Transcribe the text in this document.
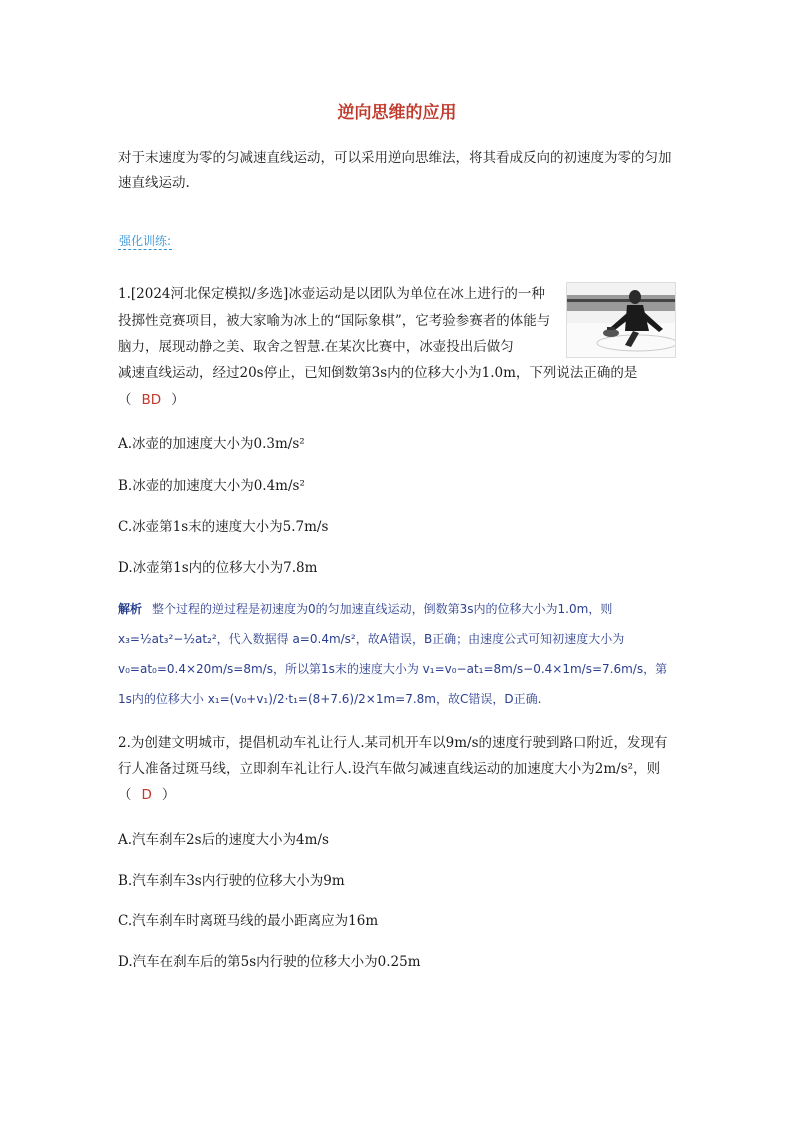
逆向思维的应用
对于末速度为零的匀减速直线运动，可以采用逆向思维法，将其看成反向的初速度为零的匀加速直线运动.
强化训练:
1.[2024河北保定模拟/多选]冰壶运动是以团队为单位在冰上进行的一种投掷性竞赛项目，被大家喻为冰上的“国际象棋”，它考验参赛者的体能与脑力，展现动静之美、取舍之智慧.在某次比赛中，冰壶投出后做匀
减速直线运动，经过20s停止，已知倒数第3s内的位移大小为1.0m，下列说法正确的是
（ BD ）
A.冰壶的加速度大小为0.3m/s²
B.冰壶的加速度大小为0.4m/s²
C.冰壶第1s末的速度大小为5.7m/s
D.冰壶第1s内的位移大小为7.8m
解析 整个过程的逆过程是初速度为0的匀加速直线运动，倒数第3s内的位移大小为1.0m，则 x₃=½at₃²−½at₂²，代入数据得 a=0.4m/s²，故A错误，B正确；由速度公式可知初速度大小为 v₀=at₀=0.4×20m/s=8m/s，所以第1s末的速度大小为 v₁=v₀−at₁=8m/s−0.4×1m/s=7.6m/s，第1s内的位移大小 x₁=(v₀+v₁)/2·t₁=(8+7.6)/2×1m=7.8m，故C错误，D正确.
2.为创建文明城市，提倡机动车礼让行人.某司机开车以9m/s的速度行驶到路口附近，发现有行人准备过斑马线，立即刹车礼让行人.设汽车做匀减速直线运动的加速度大小为2m/s²，则（ D ）
A.汽车刹车2s后的速度大小为4m/s
B.汽车刹车3s内行驶的位移大小为9m
C.汽车刹车时离斑马线的最小距离应为16m
D.汽车在刹车后的第5s内行驶的位移大小为0.25m
